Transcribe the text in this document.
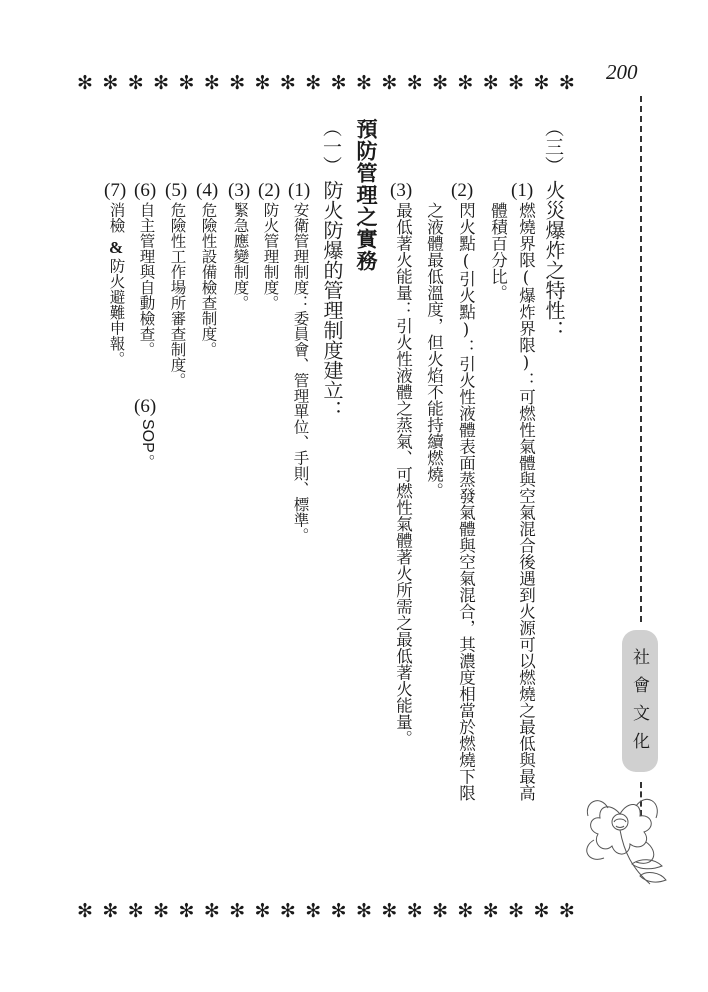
200
✻ ✻ ✻ ✻ ✻ ✻ ✻ ✻ ✻ ✻ ✻ ✻ ✻ ✻ ✻ ✻ ✻ ✻ ✻ ✻
✻ ✻ ✻ ✻ ✻ ✻ ✻ ✻ ✻ ✻ ✻ ✻ ✻ ✻ ✻ ✻ ✻ ✻ ✻ ✻
社會文化
（三）
火災爆炸之特性：
(1)
燃燒界限(爆炸界限)：可燃性氣體與空氣混合後遇到火源可以燃燒之最低與最高
體積百分比。
(2)
閃火點(引火點)：引火性液體表面蒸發氣體與空氣混合，其濃度相當於燃燒下限
之液體最低溫度，但火焰不能持續燃燒。
(3)
最低著火能量：引火性液體之蒸氣、可燃性氣體著火所需之最低著火能量。
預防管理之實務
（一）
防火防爆的管理制度建立：
(1)
安衛管理制度：委員會、管理單位、手則、標準。
(2)
防火管理制度。
(3)
緊急應變制度。
(4)
危險性設備檢查制度。
(5)
危險性工作場所審查制度。
(6)
自主管理與自動檢查。
(6)
SOP
。
(7)
消檢
&
防火避難申報。
